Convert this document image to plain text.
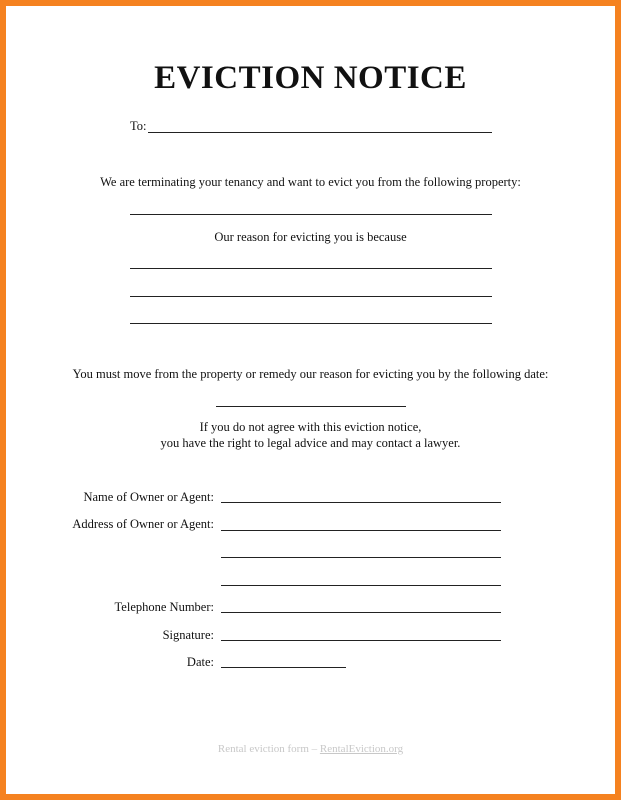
EVICTION NOTICE
To:
We are terminating your tenancy and want to evict you from the following property:
Our reason for evicting you is because
You must move from the property or remedy our reason for evicting you by the following date:
If you do not agree with this eviction notice,
you have the right to legal advice and may contact a lawyer.
Name of Owner or Agent:
Address of Owner or Agent:
Telephone Number:
Signature:
Date:
Rental eviction form – RentalEviction.org
